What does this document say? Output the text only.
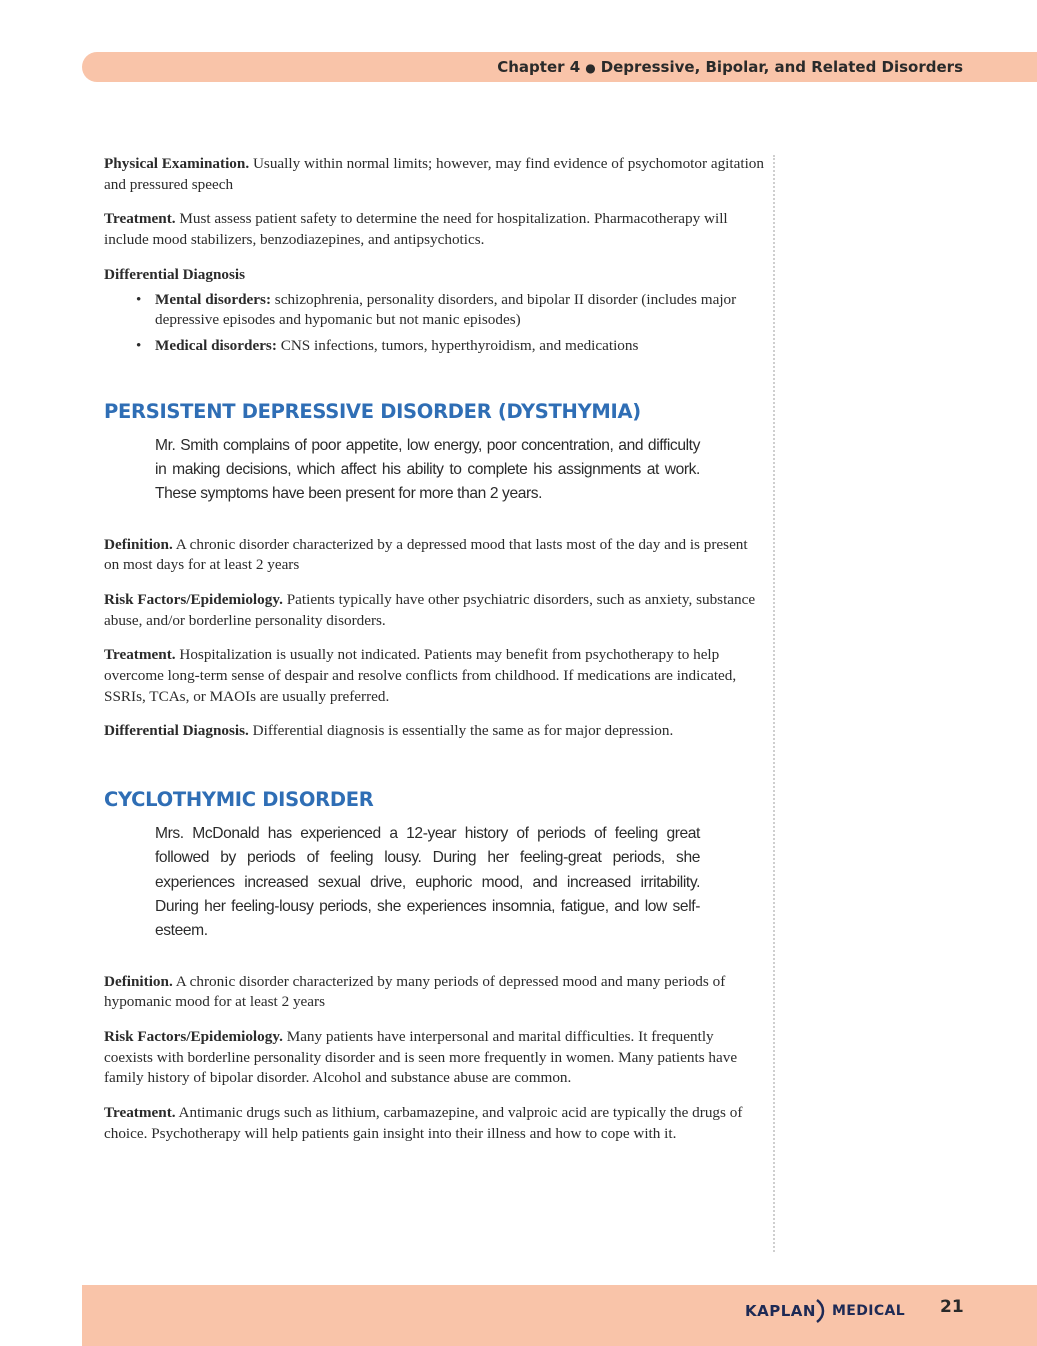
Chapter 4 ● Depressive, Bipolar, and Related Disorders

Physical Examination. Usually within normal limits; however, may find evidence of psychomotor agitation and pressured speech

Treatment. Must assess patient safety to determine the need for hospitalization. Pharmacotherapy will include mood stabilizers, benzodiazepines, and antipsychotics.

Differential Diagnosis

• Mental disorders: schizophrenia, personality disorders, and bipolar II disorder (includes major depressive episodes and hypomanic but not manic episodes)
• Medical disorders: CNS infections, tumors, hyperthyroidism, and medications
PERSISTENT DEPRESSIVE DISORDER (DYSTHYMIA)

Mr. Smith complains of poor appetite, low energy, poor concentration, and difficulty in making decisions, which affect his ability to complete his assignments at work. These symptoms have been present for more than 2 years.

Definition. A chronic disorder characterized by a depressed mood that lasts most of the day and is present on most days for at least 2 years

Risk Factors/Epidemiology. Patients typically have other psychiatric disorders, such as anxiety, substance abuse, and/or borderline personality disorders.

Treatment. Hospitalization is usually not indicated. Patients may benefit from psychotherapy to help overcome long-term sense of despair and resolve conflicts from childhood. If medications are indicated, SSRIs, TCAs, or MAOIs are usually preferred.

Differential Diagnosis. Differential diagnosis is essentially the same as for major depression.

CYCLOTHYMIC DISORDER

Mrs. McDonald has experienced a 12-year history of periods of feeling great followed by periods of feeling lousy. During her feeling-great periods, she experiences increased sexual drive, euphoric mood, and increased irritability. During her feeling-lousy periods, she experiences insomnia, fatigue, and low self-esteem.

Definition. A chronic disorder characterized by many periods of depressed mood and many periods of hypomanic mood for at least 2 years

Risk Factors/Epidemiology. Many patients have interpersonal and marital difficulties. It frequently coexists with borderline personality disorder and is seen more frequently in women. Many patients have family history of bipolar disorder. Alcohol and substance abuse are common.

Treatment. Antimanic drugs such as lithium, carbamazepine, and valproic acid are typically the drugs of choice. Psychotherapy will help patients gain insight into their illness and how to cope with it.

KAPLAN MEDICAL 21
